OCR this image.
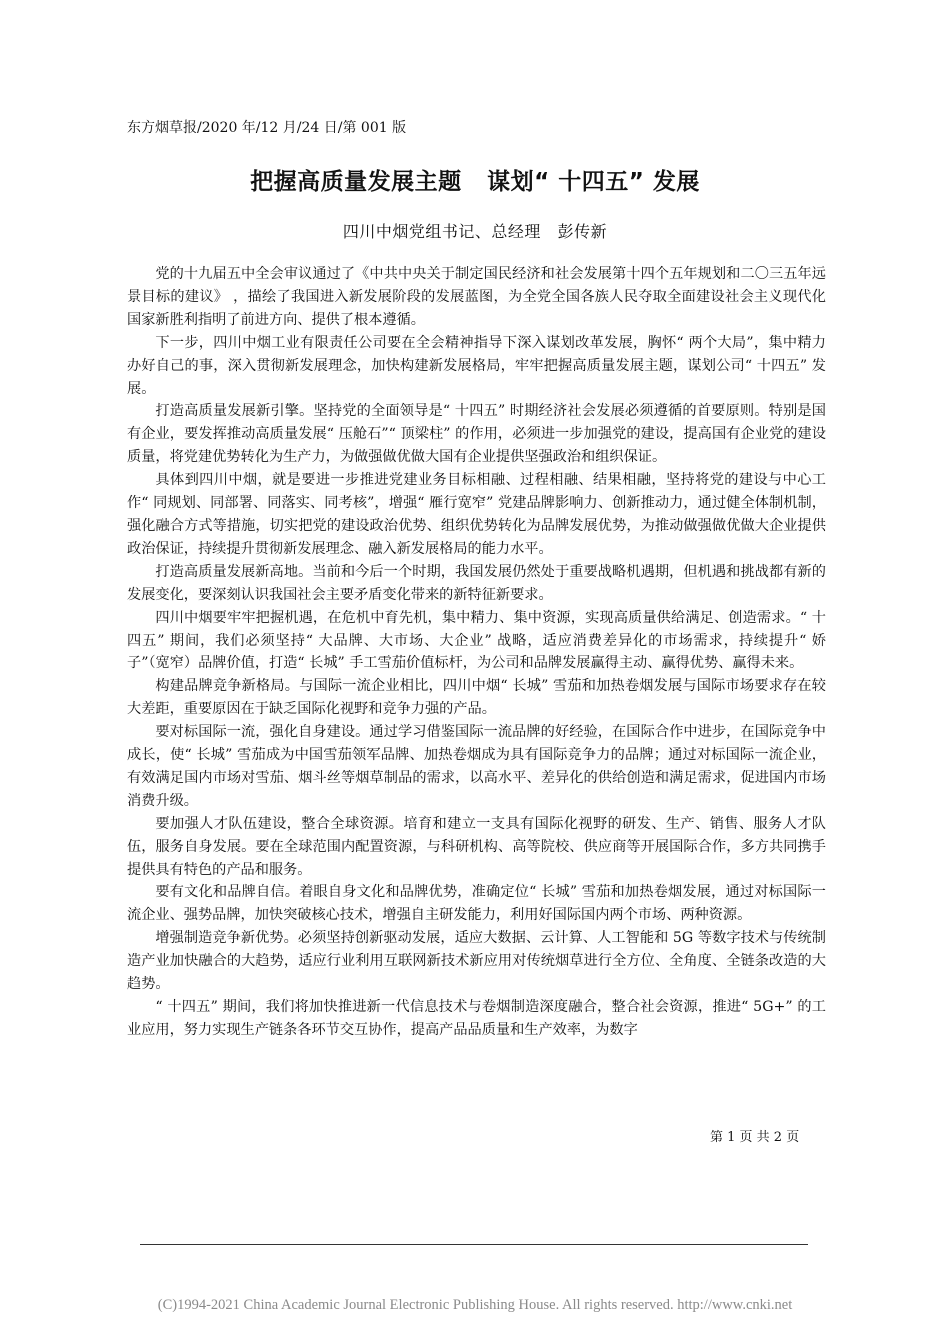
东方烟草报/2020 年/12 月/24 日/第 001 版
把握高质量发展主题   谋划“ 十四五” 发展
四川中烟党组书记、总经理   彭传新

党的十九届五中全会审议通过了《中共中央关于制定国民经济和社会发展第十四个五年规划和二〇三五年远景目标的建议》 ，描绘了我国进入新发展阶段的发展蓝图，为全党全国各族人民夺取全面建设社会主义现代化国家新胜利指明了前进方向、提供了根本遵循。

下一步，四川中烟工业有限责任公司要在全会精神指导下深入谋划改革发展，胸怀“ 两个大局”，集中精力办好自己的事，深入贯彻新发展理念，加快构建新发展格局，牢牢把握高质量发展主题，谋划公司“ 十四五” 发展。

打造高质量发展新引擎。坚持党的全面领导是“ 十四五” 时期经济社会发展必须遵循的首要原则。特别是国有企业，要发挥推动高质量发展“ 压舱石”“ 顶梁柱” 的作用，必须进一步加强党的建设，提高国有企业党的建设质量，将党建优势转化为生产力，为做强做优做大国有企业提供坚强政治和组织保证。

具体到四川中烟，就是要进一步推进党建业务目标相融、过程相融、结果相融，坚持将党的建设与中心工作“ 同规划、同部署、同落实、同考核”，增强“ 雁行宽窄” 党建品牌影响力、创新推动力，通过健全体制机制，强化融合方式等措施，切实把党的建设政治优势、组织优势转化为品牌发展优势，为推动做强做优做大企业提供政治保证，持续提升贯彻新发展理念、融入新发展格局的能力水平。

打造高质量发展新高地。当前和今后一个时期，我国发展仍然处于重要战略机遇期，但机遇和挑战都有新的发展变化，要深刻认识我国社会主要矛盾变化带来的新特征新要求。

四川中烟要牢牢把握机遇，在危机中育先机，集中精力、集中资源，实现高质量供给满足、创造需求。“ 十四五” 期间，我们必须坚持“ 大品牌、大市场、大企业” 战略，适应消费差异化的市场需求，持续提升“ 娇子”（宽窄）品牌价值，打造“ 长城” 手工雪茄价值标杆，为公司和品牌发展赢得主动、赢得优势、赢得未来。

构建品牌竞争新格局。与国际一流企业相比，四川中烟“ 长城” 雪茄和加热卷烟发展与国际市场要求存在较大差距，重要原因在于缺乏国际化视野和竞争力强的产品。

要对标国际一流，强化自身建设。通过学习借鉴国际一流品牌的好经验，在国际合作中进步，在国际竞争中成长，使“ 长城” 雪茄成为中国雪茄领军品牌、加热卷烟成为具有国际竞争力的品牌；通过对标国际一流企业，有效满足国内市场对雪茄、烟斗丝等烟草制品的需求，以高水平、差异化的供给创造和满足需求，促进国内市场消费升级。

要加强人才队伍建设，整合全球资源。培育和建立一支具有国际化视野的研发、生产、销售、服务人才队伍，服务自身发展。要在全球范围内配置资源，与科研机构、高等院校、供应商等开展国际合作，多方共同携手提供具有特色的产品和服务。

要有文化和品牌自信。着眼自身文化和品牌优势，准确定位“ 长城” 雪茄和加热卷烟发展，通过对标国际一流企业、强势品牌，加快突破核心技术，增强自主研发能力，利用好国际国内两个市场、两种资源。

增强制造竞争新优势。必须坚持创新驱动发展，适应大数据、云计算、人工智能和 5G 等数字技术与传统制造产业加快融合的大趋势，适应行业利用互联网新技术新应用对传统烟草进行全方位、全角度、全链条改造的大趋势。

“ 十四五” 期间，我们将加快推进新一代信息技术与卷烟制造深度融合，整合社会资源，推进“ 5G+” 的工业应用，努力实现生产链条各环节交互协作，提高产品品质量和生产效率，为数字

第 1 页 共 2 页
(C)1994-2021 China Academic Journal Electronic Publishing House. All rights reserved. http://www.cnki.net
